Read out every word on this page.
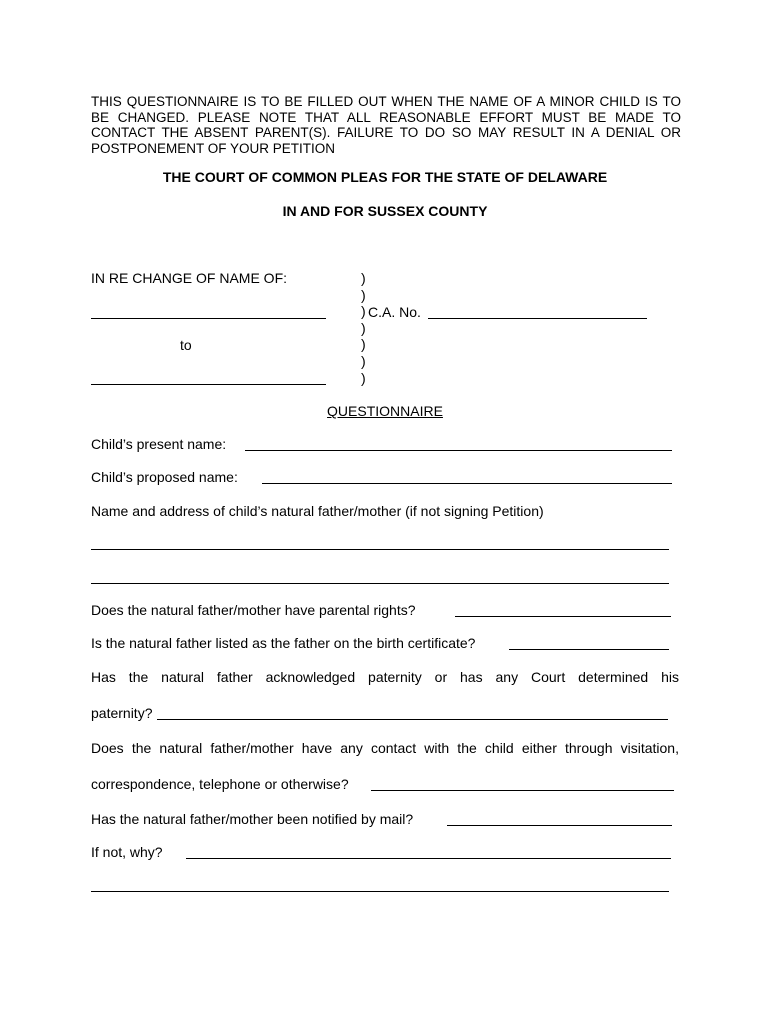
THIS QUESTIONNAIRE IS TO BE FILLED OUT WHEN THE NAME OF A MINOR CHILD IS TO BE CHANGED. PLEASE NOTE THAT ALL REASONABLE EFFORT MUST BE MADE TO CONTACT THE ABSENT PARENT(S). FAILURE TO DO SO MAY RESULT IN A DENIAL OR POSTPONEMENT OF YOUR PETITION
THE COURT OF COMMON PLEAS FOR THE STATE OF DELAWARE
IN AND FOR SUSSEX COUNTY
IN RE CHANGE OF NAME OF:
to
)
)
)
)
)
)
)
C.A. No.
QUESTIONNAIRE
Child’s present name:
Child’s proposed name:
Name and address of child’s natural father/mother (if not signing Petition)
Does the natural father/mother have parental rights?
Is the natural father listed as the father on the birth certificate?
Has the natural father acknowledged paternity or has any Court determined his
paternity?
Does the natural father/mother have any contact with the child either through visitation,
correspondence, telephone or otherwise?
Has the natural father/mother been notified by mail?
If not, why?
